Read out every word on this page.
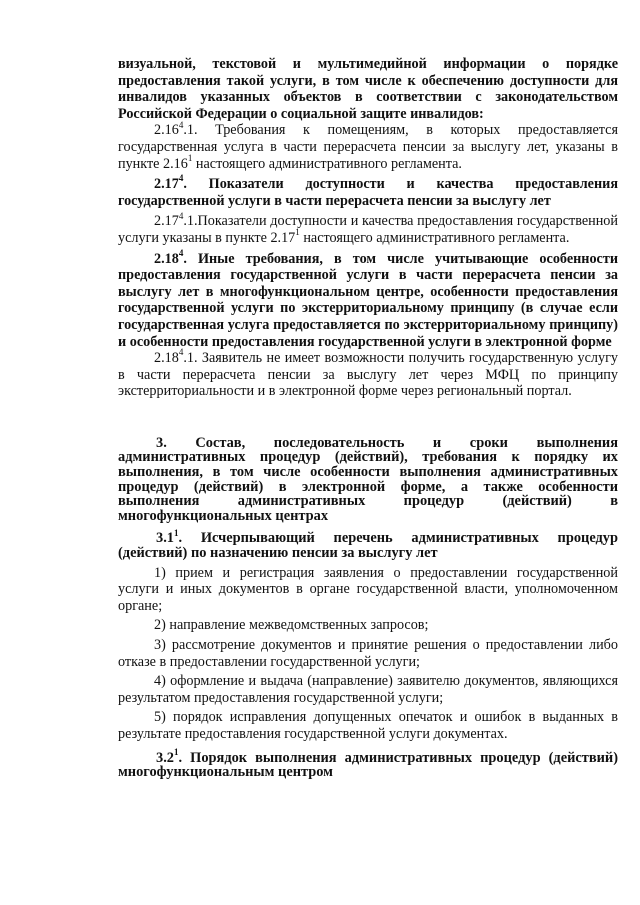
визуальной, текстовой и мультимедийной информации о порядке предоставления такой услуги, в том числе к обеспечению доступности для инвалидов указанных объектов в соответствии с законодательством Российской Федерации о социальной защите инвалидов:

2.16$^4$.1. Требования к помещениям, в которых предоставляется государственная услуга в части перерасчета пенсии за выслугу лет, указаны в пункте 2.16$^1$ настоящего административного регламента.

2.17$^4$. Показатели доступности и качества предоставления государственной услуги в части перерасчета пенсии за выслугу лет

2.17$^4$.1.Показатели доступности и качества предоставления государственной услуги указаны в пункте 2.17$^1$ настоящего административного регламента.

2.18$^4$. Иные требования, в том числе учитывающие особенности предоставления государственной услуги в части перерасчета пенсии за выслугу лет в многофункциональном центре, особенности предоставления государственной услуги по экстерриториальному принципу (в случае если государственная услуга предоставляется по экстерриториальному принципу) и особенности предоставления государственной услуги в электронной форме

2.18$^4$.1. Заявитель не имеет возможности получить государственную услугу в части перерасчета пенсии за выслугу лет через МФЦ по принципу экстерриториальности и в электронной форме через региональный портал.

3. Состав, последовательность и сроки выполнения административных процедур (действий), требования к порядку их выполнения, в том числе особенности выполнения административных процедур (действий) в электронной форме, а также особенности выполнения административных процедур (действий) в многофункциональных центрах

$3.1^1$. Исчерпывающий перечень административных процедур (действий) по назначению пенсии за выслугу лет

1) прием и регистрация заявления о предоставлении государственной услуги и иных документов в органе государственной власти, уполномоченном органе;

2) направление межведомственных запросов;

3) рассмотрение документов и принятие решения о предоставлении либо отказе в предоставлении государственной услуги;

4) оформление и выдача (направление) заявителю документов, являющихся результатом предоставления государственной услуги;

5) порядок исправления допущенных опечаток и ошибок в выданных в результате предоставления государственной услуги документах.

$3.2^1$. Порядок выполнения административных процедур (действий) многофункциональным центром
